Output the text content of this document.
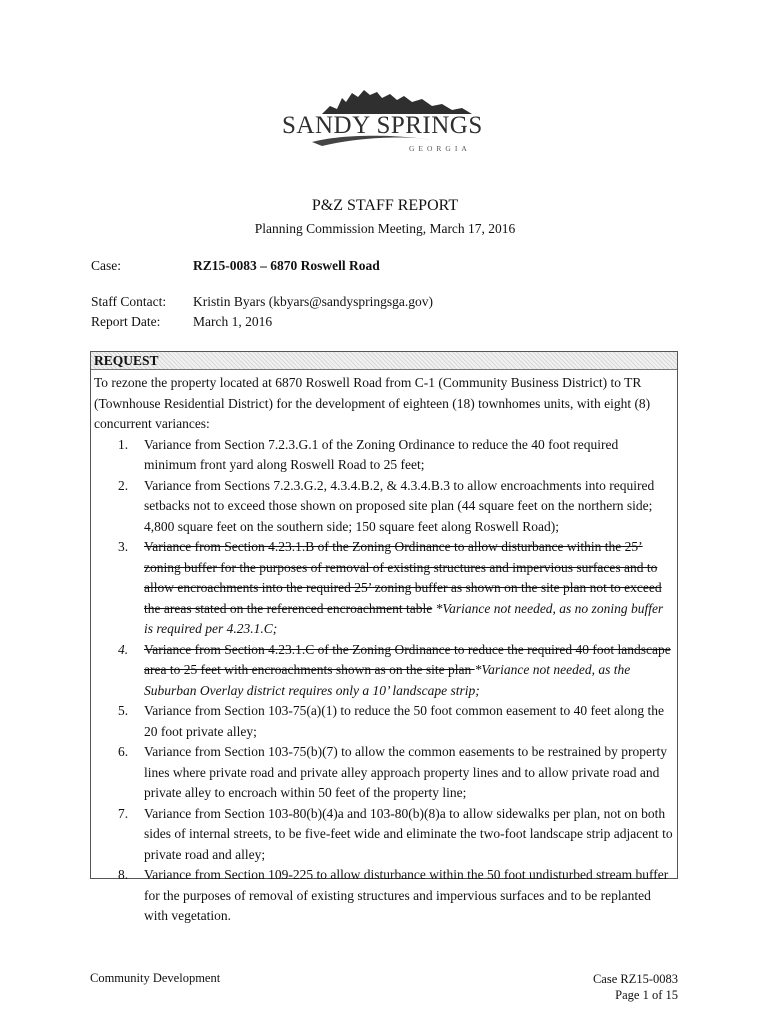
SANDY SPRINGS
GEORGIA
P&Z STAFF REPORT
Planning Commission Meeting, March 17, 2016
Case:	RZ15-0083 – 6870 Roswell Road
Staff Contact: Kristin Byars (kbyars@sandyspringsga.gov)
Report Date: March 1, 2016
REQUEST
To rezone the property located at 6870 Roswell Road from C-1 (Community Business District) to TR (Townhouse Residential District) for the development of eighteen (18) townhomes units, with eight (8) concurrent variances:
1. Variance from Section 7.2.3.G.1 of the Zoning Ordinance to reduce the 40 foot required minimum front yard along Roswell Road to 25 feet;
2. Variance from Sections 7.2.3.G.2, 4.3.4.B.2, & 4.3.4.B.3 to allow encroachments into required setbacks not to exceed those shown on proposed site plan (44 square feet on the northern side; 4,800 square feet on the southern side; 150 square feet along Roswell Road);
3. Variance from Section 4.23.1.B of the Zoning Ordinance to allow disturbance within the 25’ zoning buffer for the purposes of removal of existing structures and impervious surfaces and to allow encroachments into the required 25’ zoning buffer as shown on the site plan not to exceed the areas stated on the referenced encroachment table *Variance not needed, as no zoning buffer is required per 4.23.1.C;
4. Variance from Section 4.23.1.C of the Zoning Ordinance to reduce the required 40 foot landscape area to 25 feet with encroachments shown as on the site plan *Variance not needed, as the Suburban Overlay district requires only a 10’ landscape strip;
5. Variance from Section 103-75(a)(1) to reduce the 50 foot common easement to 40 feet along the 20 foot private alley;
6. Variance from Section 103-75(b)(7) to allow the common easements to be restrained by property lines where private road and private alley approach property lines and to allow private road and private alley to encroach within 50 feet of the property line;
7. Variance from Section 103-80(b)(4)a and 103-80(b)(8)a to allow sidewalks per plan, not on both sides of internal streets, to be five-feet wide and eliminate the two-foot landscape strip adjacent to private road and alley;
8. Variance from Section 109-225 to allow disturbance within the 50 foot undisturbed stream buffer for the purposes of removal of existing structures and impervious surfaces and to be replanted with vegetation.
Community Development	Case RZ15-0083
Page 1 of 15
